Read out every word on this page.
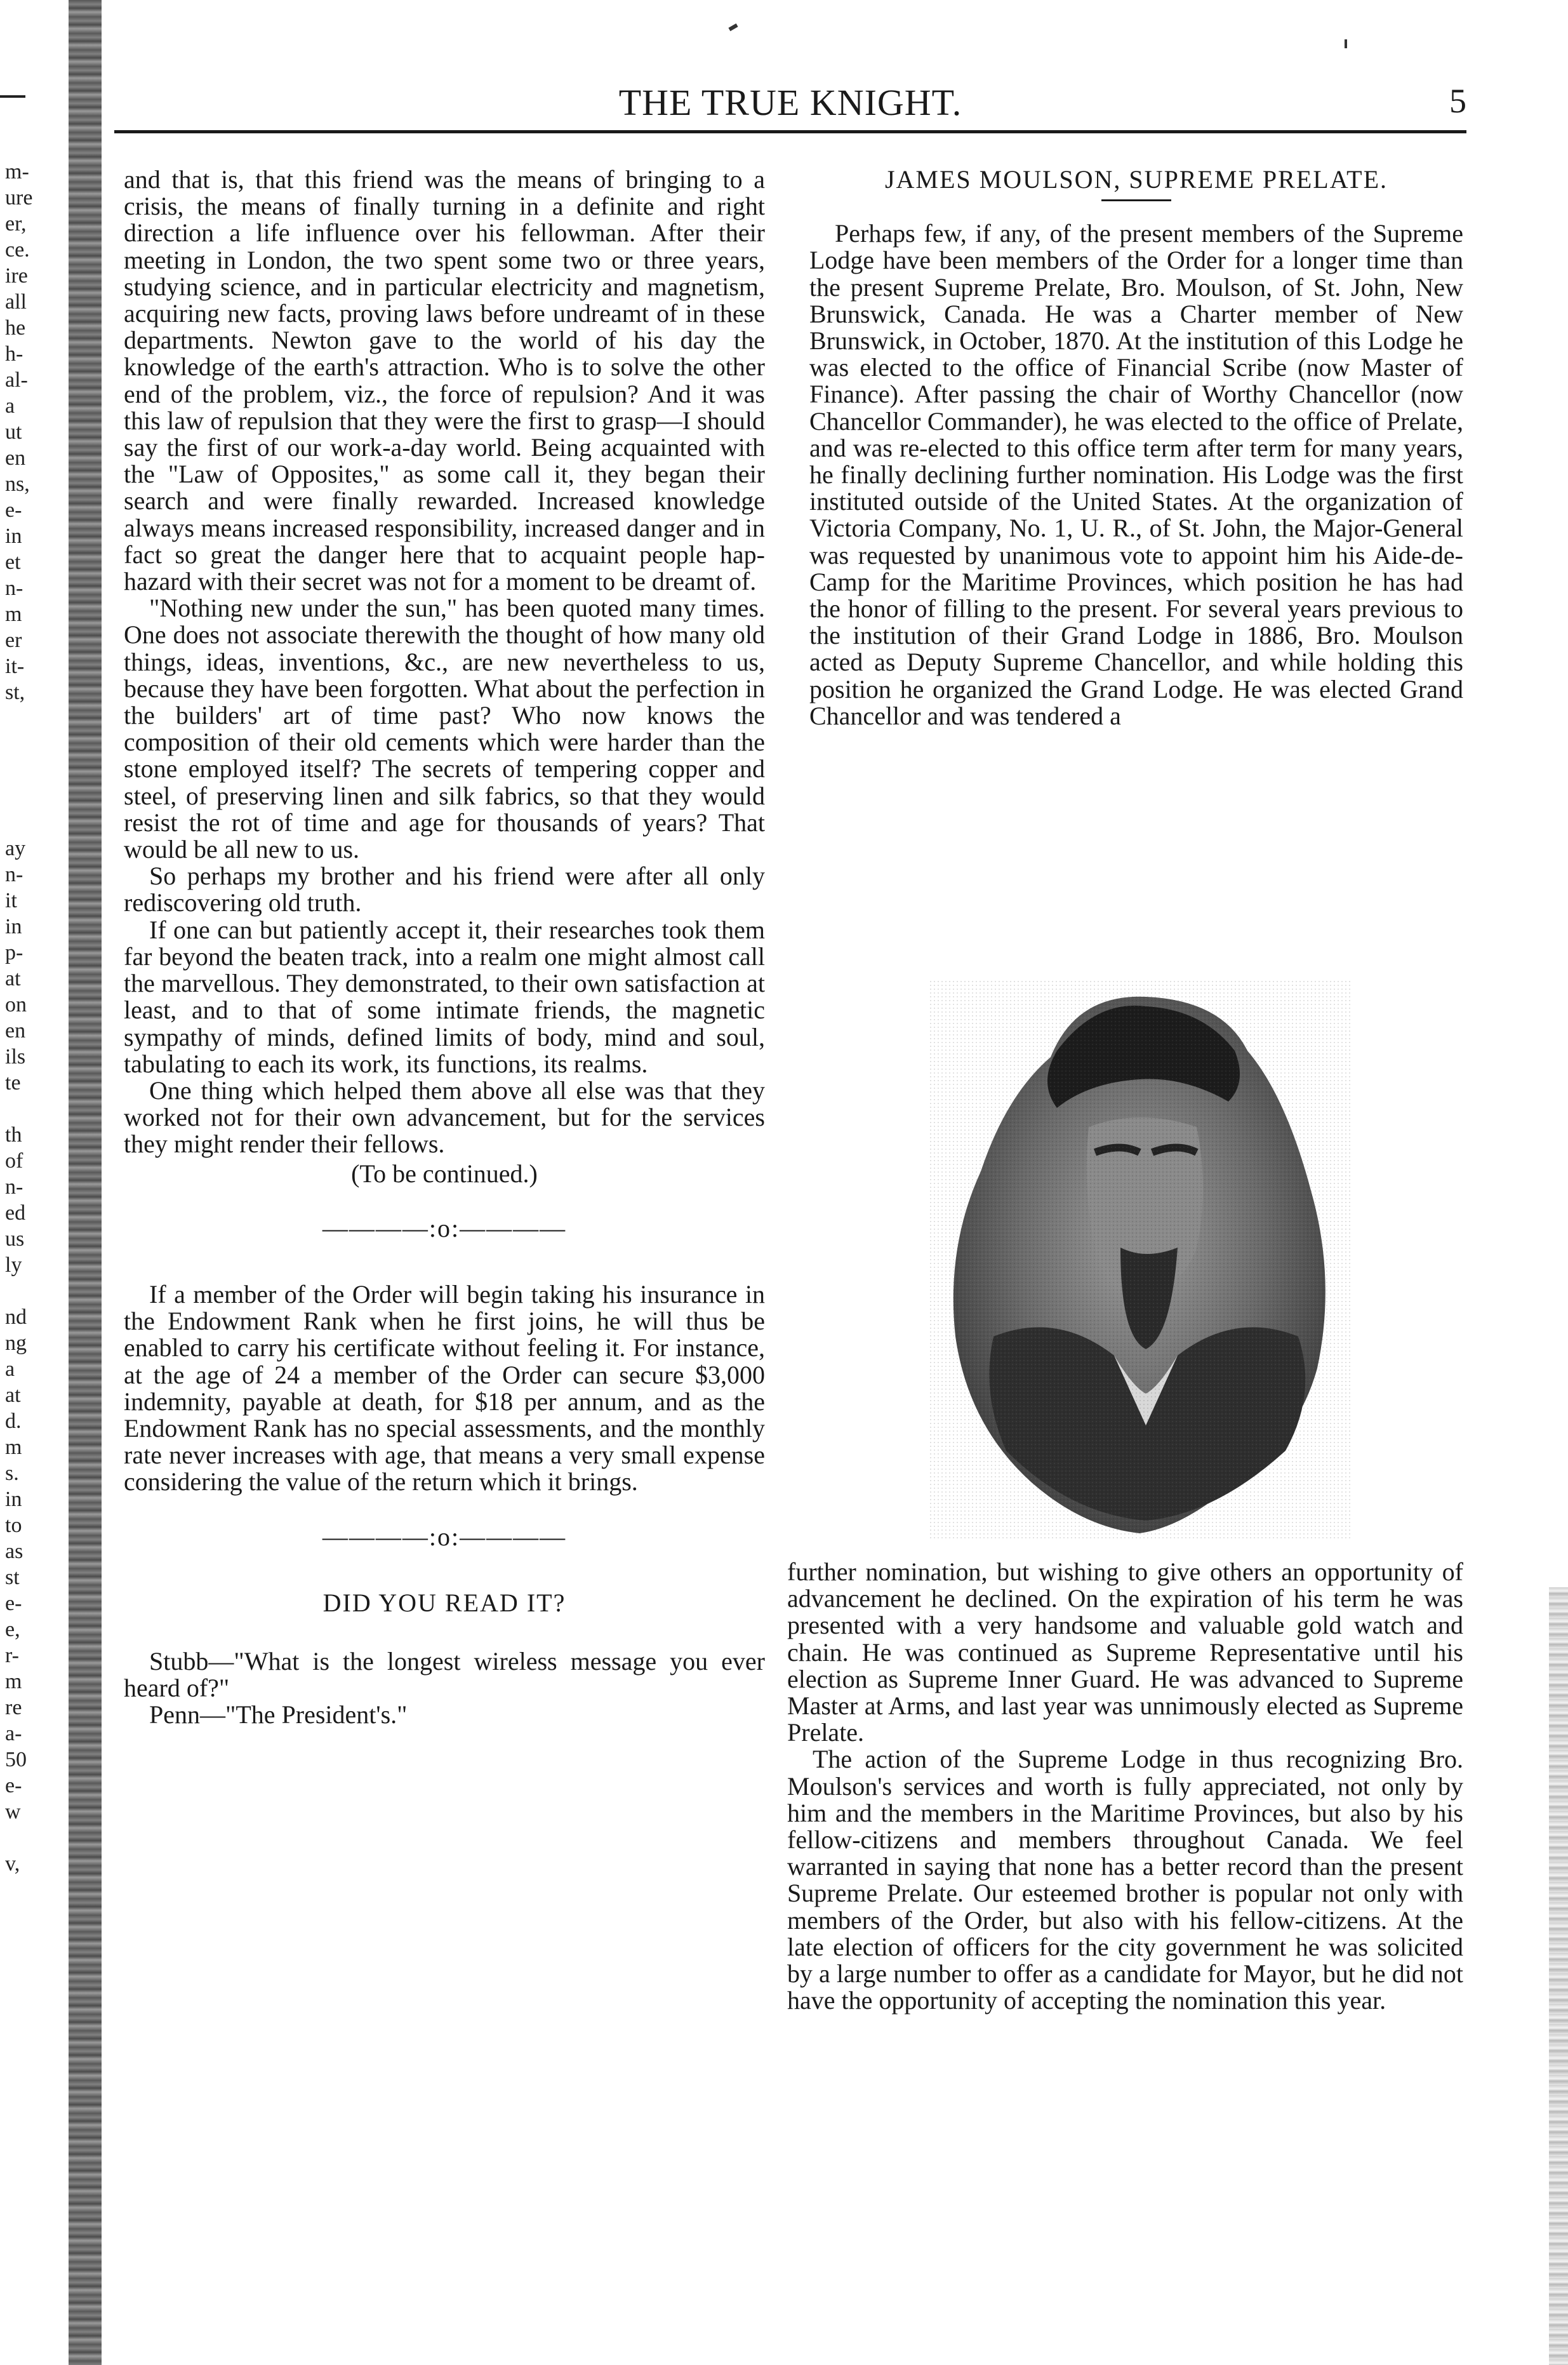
m-
ure
er,
ce.
ire
all
he
h-
al-
a
ut
en
ns,
e-
in
et
n-
m
er
it-
st,
ay
n-
it
in
p-
at
on
en
ils
te
th
of
n-
ed
us
ly
nd
ng
a
at
d.
m
s.
in
to
as
st
e-
e,
r-
m
re
a-
50
e-
w
v,
THE TRUE KNIGHT.	5

and that is, that this friend was the means of bringing to a crisis, the means of finally turning in a definite and right direction a life influence over his fellowman. After their meeting in London, the two spent some two or three years, studying science, and in particular electricity and magnetism, acquiring new facts, proving laws before undreamt of in these departments. Newton gave to the world of his day the knowledge of the earth's attraction. Who is to solve the other end of the problem, viz., the force of repulsion? And it was this law of repulsion that they were the first to grasp—I should say the first of our work-a-day world. Being acquainted with the "Law of Opposites," as some call it, they began their search and were finally rewarded. Increased knowledge always means increased responsibility, increased danger and in fact so great the danger here that to acquaint people hap-hazard with their secret was not for a moment to be dreamt of.

"Nothing new under the sun," has been quoted many times. One does not associate therewith the thought of how many old things, ideas, inventions, &c., are new nevertheless to us, because they have been forgotten. What about the perfection in the builders' art of time past? Who now knows the composition of their old cements which were harder than the stone employed itself? The secrets of tempering copper and steel, of preserving linen and silk fabrics, so that they would resist the rot of time and age for thousands of years? That would be all new to us.

So perhaps my brother and his friend were after all only rediscovering old truth.

If one can but patiently accept it, their researches took them far beyond the beaten track, into a realm one might almost call the marvellous. They demonstrated, to their own satisfaction at least, and to that of some intimate friends, the magnetic sympathy of minds, defined limits of body, mind and soul, tabulating to each its work, its functions, its realms.

One thing which helped them above all else was that they worked not for their own advancement, but for the services they might render their fellows.

(To be continued.)

————:o:————

If a member of the Order will begin taking his insurance in the Endowment Rank when he first joins, he will thus be enabled to carry his certificate without feeling it. For instance, at the age of 24 a member of the Order can secure $3,000 indemnity, payable at death, for $18 per annum, and as the Endowment Rank has no special assessments, and the monthly rate never increases with age, that means a very small expense considering the value of the return which it brings.

————:o:————

DID YOU READ IT?

Stubb—"What is the longest wireless message you ever heard of?"

Penn—"The President's."

JAMES MOULSON, SUPREME PRELATE.

Perhaps few, if any, of the present members of the Supreme Lodge have been members of the Order for a longer time than the present Supreme Prelate, Bro. Moulson, of St. John, New Brunswick, Canada. He was a Charter member of New Brunswick, in October, 1870. At the institution of this Lodge he was elected to the office of Financial Scribe (now Master of Finance). After passing the chair of Worthy Chancellor (now Chancellor Commander), he was elected to the office of Prelate, and was re-elected to this office term after term for many years, he finally declining further nomination. His Lodge was the first instituted outside of the United States. At the organization of Victoria Company, No. 1, U. R., of St. John, the Major-General was requested by unanimous vote to appoint him his Aide-de-Camp for the Maritime Provinces, which position he has had the honor of filling to the present. For several years previous to the institution of their Grand Lodge in 1886, Bro. Moulson acted as Deputy Supreme Chancellor, and while holding this position he organized the Grand Lodge. He was elected Grand Chancellor and was tendered a

further nomination, but wishing to give others an opportunity of advancement he declined. On the expiration of his term he was presented with a very handsome and valuable gold watch and chain. He was continued as Supreme Representative until his election as Supreme Inner Guard. He was advanced to Supreme Master at Arms, and last year was unnimously elected as Supreme Prelate.

The action of the Supreme Lodge in thus recognizing Bro. Moulson's services and worth is fully appreciated, not only by him and the members in the Maritime Provinces, but also by his fellow-citizens and members throughout Canada. We feel warranted in saying that none has a better record than the present Supreme Prelate. Our esteemed brother is popular not only with members of the Order, but also with his fellow-citizens. At the late election of officers for the city government he was solicited by a large number to offer as a candidate for Mayor, but he did not have the opportunity of accepting the nomination this year.
